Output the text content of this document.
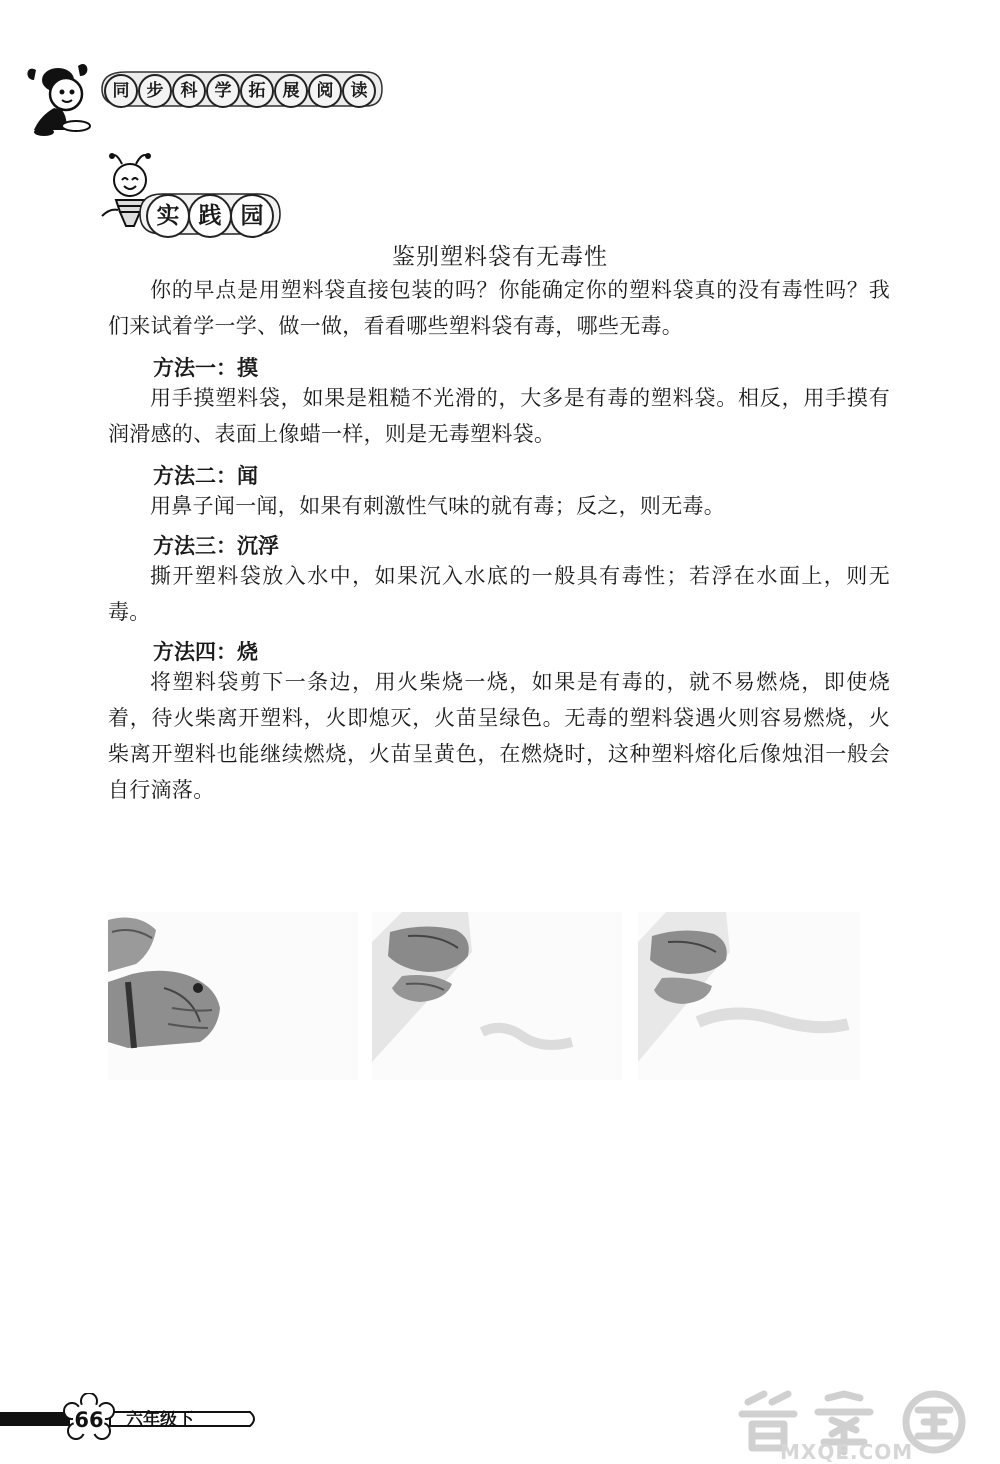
同	步	科	学	拓	展	阅	读
实 践 园
鉴别塑料袋有无毒性
你的早点是用塑料袋直接包装的吗？你能确定你的塑料袋真的没有毒性吗？我们来试着学一学、做一做，看看哪些塑料袋有毒，哪些无毒。
方法一：摸
用手摸塑料袋，如果是粗糙不光滑的，大多是有毒的塑料袋。相反，用手摸有润滑感的、表面上像蜡一样，则是无毒塑料袋。
方法二：闻
用鼻子闻一闻，如果有刺激性气味的就有毒；反之，则无毒。
方法三：沉浮
撕开塑料袋放入水中，如果沉入水底的一般具有毒性；若浮在水面上，则无毒。
方法四：烧
将塑料袋剪下一条边，用火柴烧一烧，如果是有毒的，就不易燃烧，即使烧着，待火柴离开塑料，火即熄灭，火苗呈绿色。无毒的塑料袋遇火则容易燃烧，火柴离开塑料也能继续燃烧，火苗呈黄色，在燃烧时，这种塑料熔化后像烛泪一般会自行滴落。
66	六年级下
MXQE.COM
